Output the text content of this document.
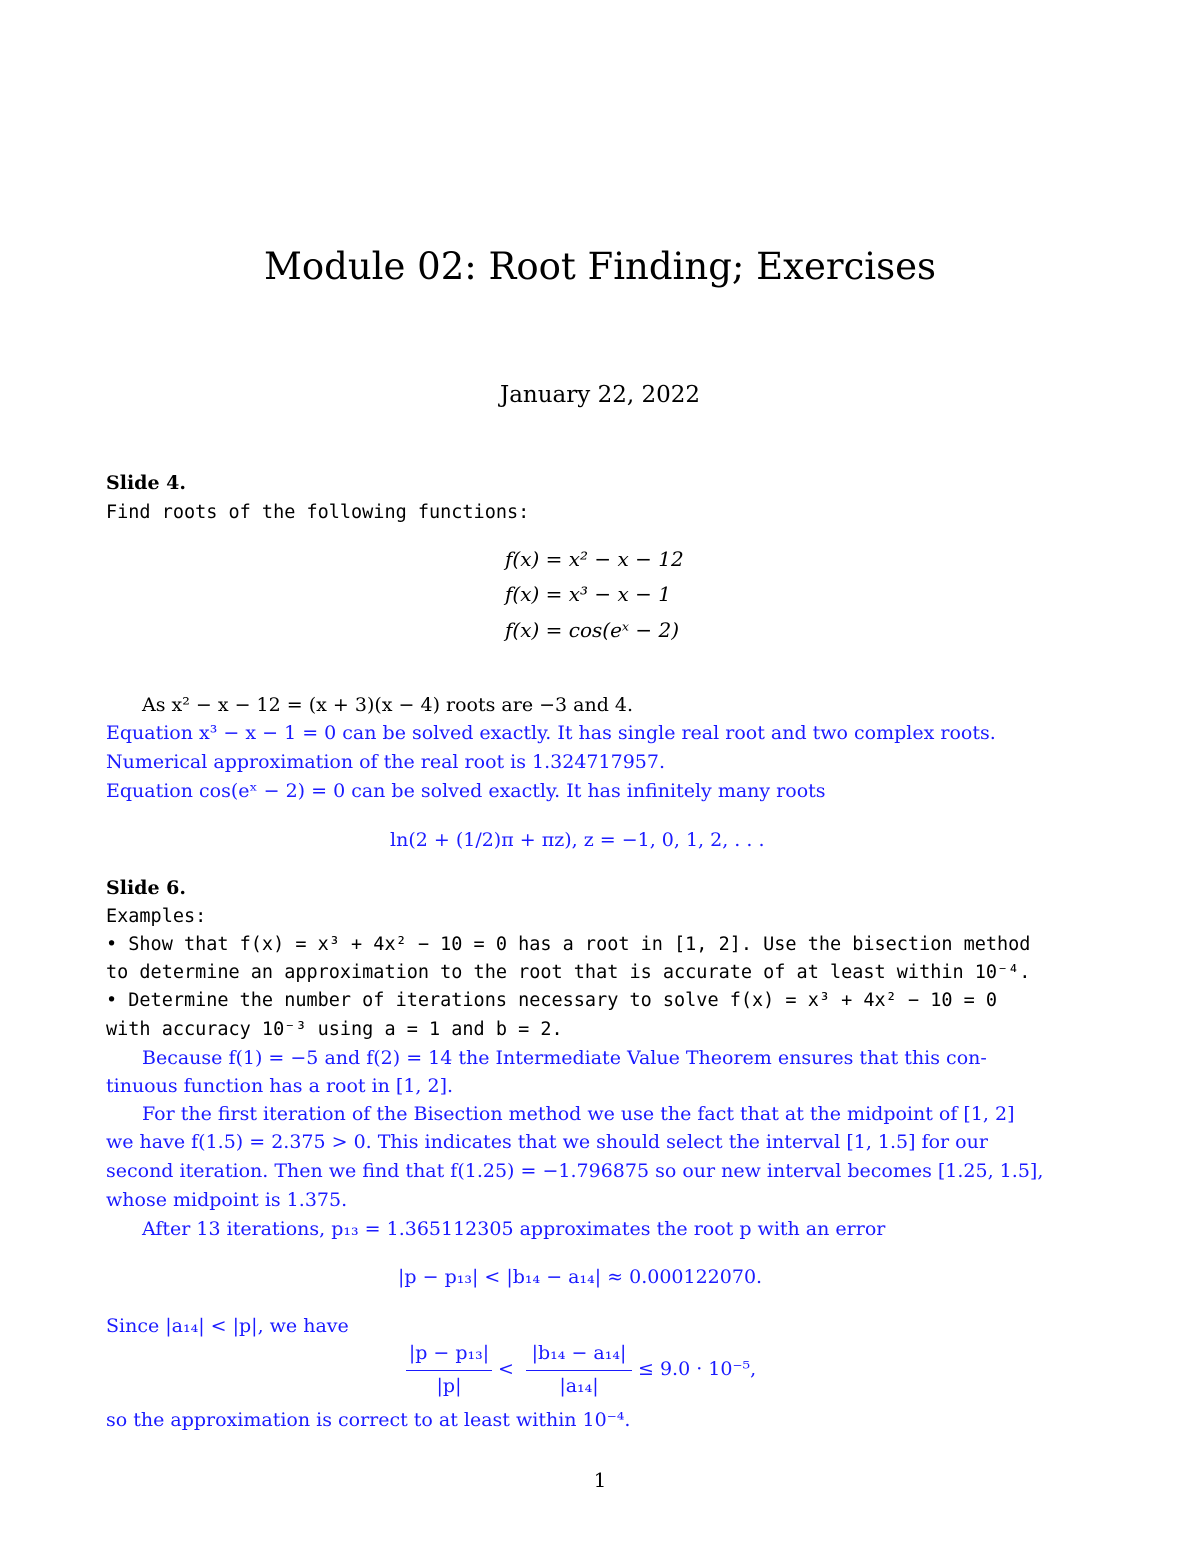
Module 02: Root Finding; Exercises
January 22, 2022
Slide 4.
Find roots of the following functions:
f(x) = x² − x − 12
f(x) = x³ − x − 1
f(x) = cos(eˣ − 2)
As x² − x − 12 = (x + 3)(x − 4) roots are −3 and 4.
Equation x³ − x − 1 = 0 can be solved exactly. It has single real root and two complex roots.
Numerical approximation of the real root is 1.324717957.
Equation cos(eˣ − 2) = 0 can be solved exactly. It has infinitely many roots
ln(2 + (1/2)π + πz), z = −1, 0, 1, 2, . . .
Slide 6.
Examples:
• Show that f(x) = x³ + 4x² − 10 = 0 has a root in [1, 2]. Use the bisection method
to determine an approximation to the root that is accurate of at least within 10⁻⁴.
• Determine the number of iterations necessary to solve f(x) = x³ + 4x² − 10 = 0
with accuracy 10⁻³ using a = 1 and b = 2.
Because f(1) = −5 and f(2) = 14 the Intermediate Value Theorem ensures that this con-
tinuous function has a root in [1, 2].
For the first iteration of the Bisection method we use the fact that at the midpoint of [1, 2]
we have f(1.5) = 2.375 > 0. This indicates that we should select the interval [1, 1.5] for our
second iteration. Then we find that f(1.25) = −1.796875 so our new interval becomes [1.25, 1.5],
whose midpoint is 1.375.
After 13 iterations, p₁₃ = 1.365112305 approximates the root p with an error
|p − p₁₃| < |b₁₄ − a₁₄| ≈ 0.000122070.
Since |a₁₄| < |p|, we have
|p − p₁₃|
|p|
<
|b₁₄ − a₁₄|
|a₁₄|
≤ 9.0 · 10⁻⁵,
so the approximation is correct to at least within 10⁻⁴.
1
